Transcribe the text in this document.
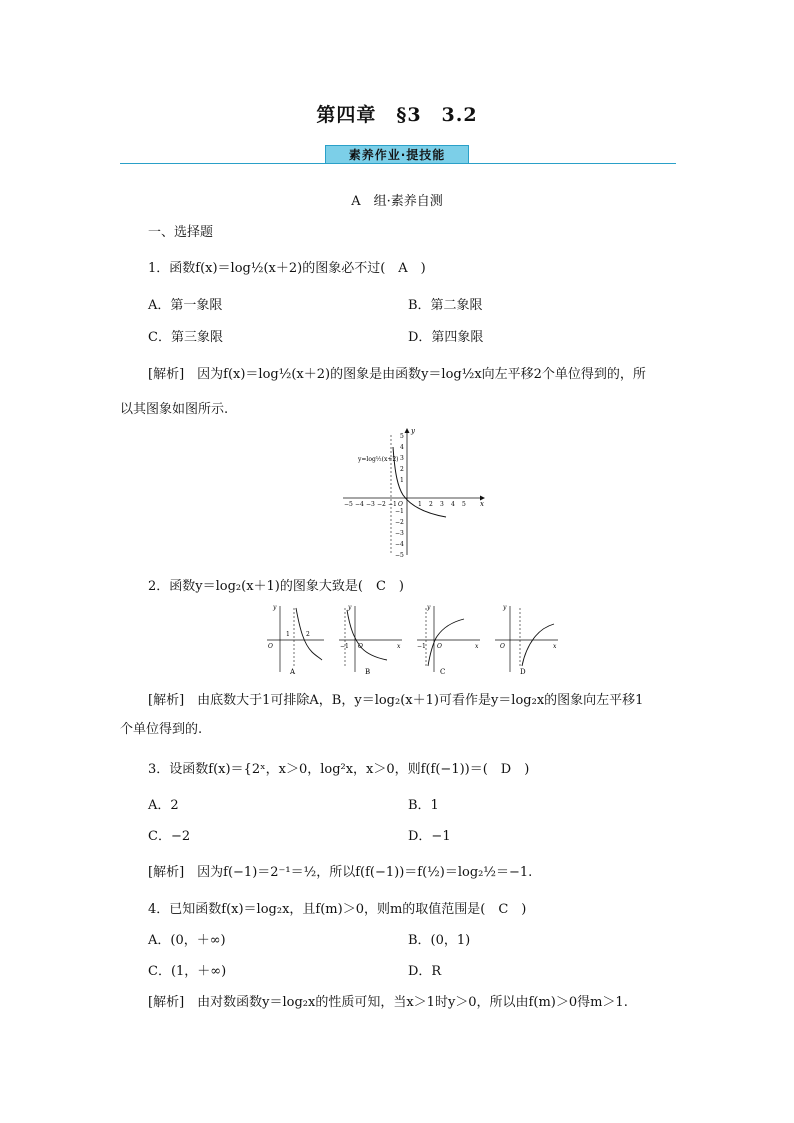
第四章　§3　3.2
素养作业·提技能
A　组·素养自测
一、选择题
1．函数f(x)＝log½(x＋2)的图象必不过(　A　)
A．第一象限	B．第二象限
C．第三象限	D．第四象限
[解析]　因为f(x)＝log½(x＋2)的图象是由函数y＝log½x向左平移2个单位得到的，所
以其图象如图所示.
y
x
y=log½(x+2)
−5 −4 −3 −2 −1 O	1 2 3 4 5
5
4
3
2
1
−1
−2
−3
−4
−5
2．函数y＝log₂(x＋1)的图象大致是(　C　)
y
O
1	2
A
y
−1 O	x
B
y
−1 O	x
C
y
O	x
D
[解析]　由底数大于1可排除A，B，y＝log₂(x＋1)可看作是y＝log₂x的图象向左平移1
个单位得到的.
3．设函数f(x)＝{2ˣ，x＞0，log²x，x＞0，则f(f(−1))＝(　D　)
A．2	B．1
C．−2	D．−1
[解析]　因为f(−1)＝2⁻¹＝½，所以f(f(−1))＝f(½)＝log₂½＝−1.
4．已知函数f(x)＝log₂x，且f(m)＞0，则m的取值范围是(　C　)
A．(0，＋∞)	B．(0，1)
C．(1，＋∞)	D．R
[解析]　由对数函数y＝log₂x的性质可知，当x＞1时y＞0，所以由f(m)＞0得m＞1.
